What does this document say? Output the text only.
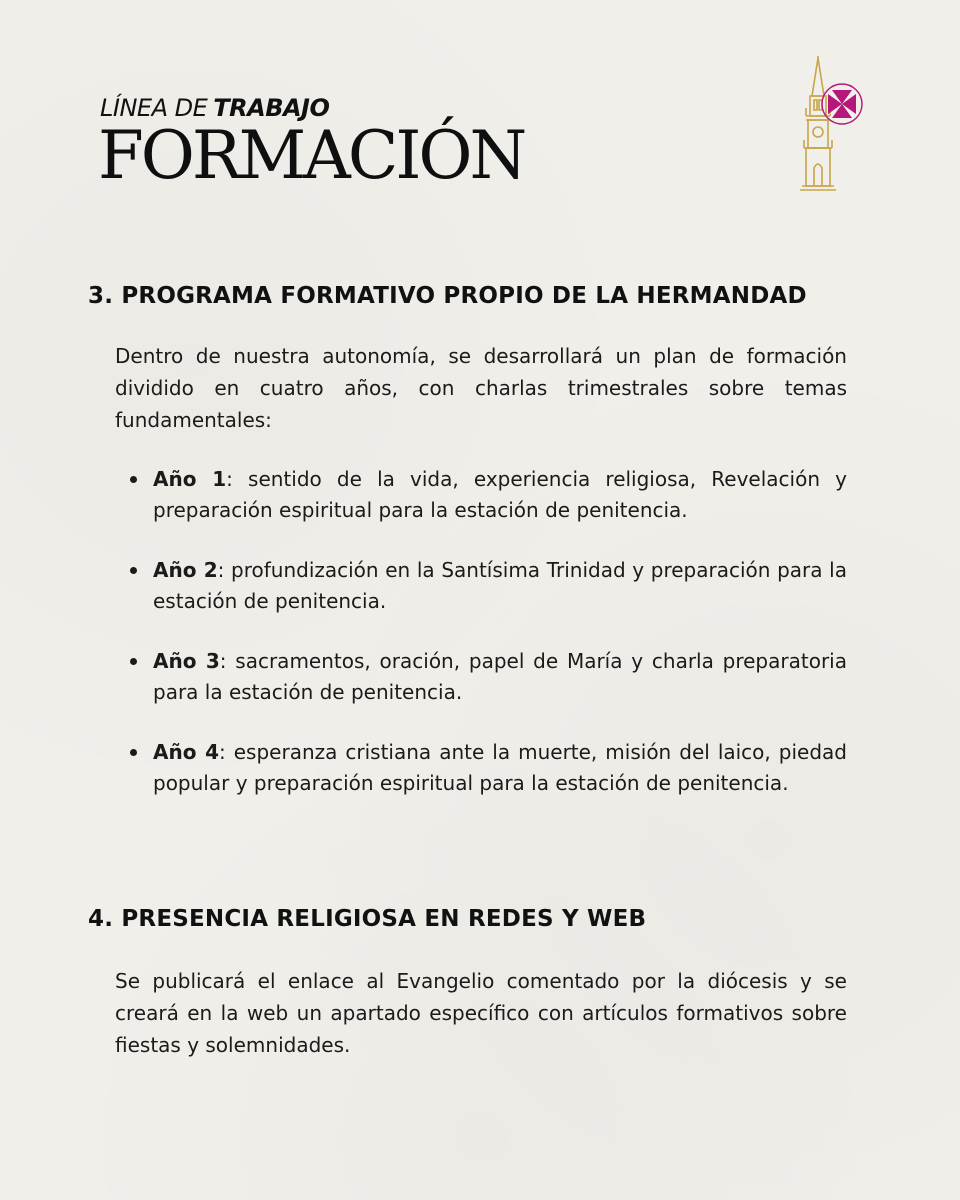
LÍNEA DE TRABAJO
FORMACIÓN
3. PROGRAMA FORMATIVO PROPIO DE LA HERMANDAD

Dentro de nuestra autonomía, se desarrollará un plan de formación dividido en cuatro años, con charlas trimestrales sobre temas fundamentales:

Año 1: sentido de la vida, experiencia religiosa, Revelación y preparación espiritual para la estación de penitencia.
Año 2: profundización en la Santísima Trinidad y preparación para la estación de penitencia.
Año 3: sacramentos, oración, papel de María y charla preparatoria para la estación de penitencia.
Año 4: esperanza cristiana ante la muerte, misión del laico, piedad popular y preparación espiritual para la estación de penitencia.
4. PRESENCIA RELIGIOSA EN REDES Y WEB

Se publicará el enlace al Evangelio comentado por la diócesis y se creará en la web un apartado específico con artículos formativos sobre fiestas y solemnidades.
